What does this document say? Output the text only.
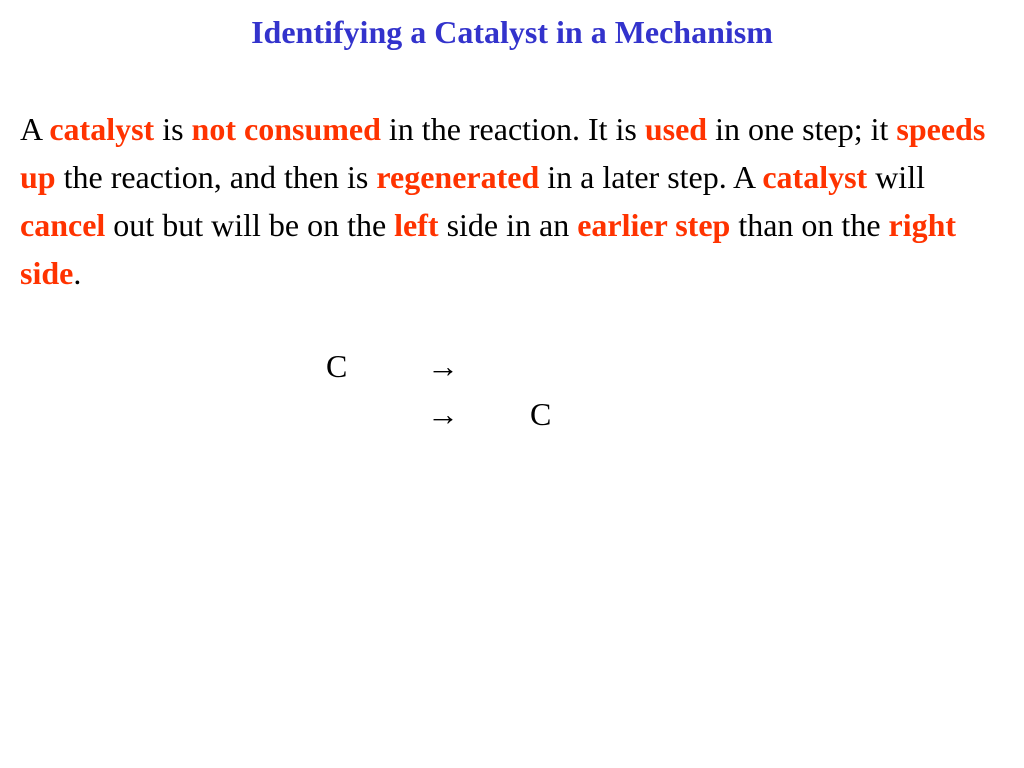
Identifying a Catalyst in a Mechanism
A catalyst is not consumed in the reaction. It is used in one step; it speeds up the reaction, and then is regenerated in a later step. A catalyst will cancel out but will be on the left side in an earlier step than on the right side.
C →
→ C
